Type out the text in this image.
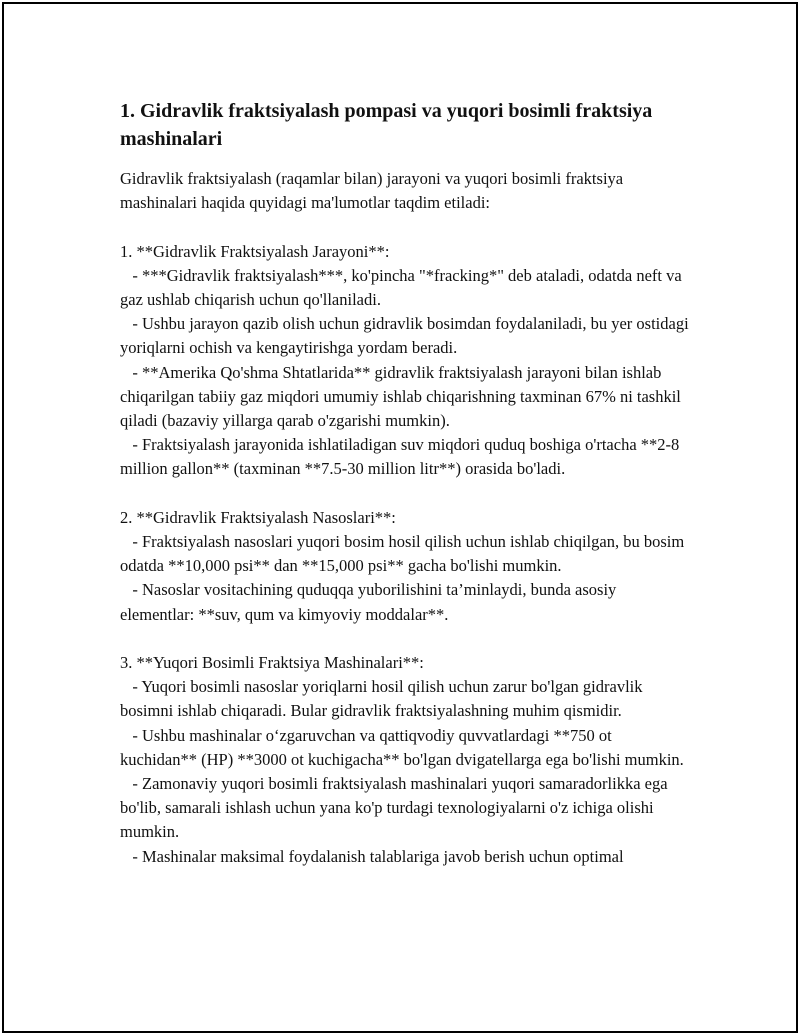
1. Gidravlik fraktsiyalash pompasi va yuqori bosimli fraktsiya mashinalari

Gidravlik fraktsiyalash (raqamlar bilan) jarayoni va yuqori bosimli fraktsiya mashinalari haqida quyidagi ma'lumotlar taqdim etiladi:

1. **Gidravlik Fraktsiyalash Jarayoni**:
- ***Gidravlik fraktsiyalash***, ko'pincha "*fracking*" deb ataladi, odatda neft va gaz ushlab chiqarish uchun qo'llaniladi.
- Ushbu jarayon qazib olish uchun gidravlik bosimdan foydalaniladi, bu yer ostidagi yoriqlarni ochish va kengaytirishga yordam beradi.
- **Amerika Qo'shma Shtatlarida** gidravlik fraktsiyalash jarayoni bilan ishlab chiqarilgan tabiiy gaz miqdori umumiy ishlab chiqarishning taxminan 67% ni tashkil qiladi (bazaviy yillarga qarab o'zgarishi mumkin).
- Fraktsiyalash jarayonida ishlatiladigan suv miqdori quduq boshiga o'rtacha **2-8 million gallon** (taxminan **7.5-30 million litr**) orasida bo'ladi.

2. **Gidravlik Fraktsiyalash Nasoslari**:
- Fraktsiyalash nasoslari yuqori bosim hosil qilish uchun ishlab chiqilgan, bu bosim odatda **10,000 psi** dan **15,000 psi** gacha bo'lishi mumkin.
- Nasoslar vositachining quduqqa yuborilishini ta’minlaydi, bunda asosiy elementlar: **suv, qum va kimyoviy moddalar**.

3. **Yuqori Bosimli Fraktsiya Mashinalari**:
- Yuqori bosimli nasoslar yoriqlarni hosil qilish uchun zarur bo'lgan gidravlik bosimni ishlab chiqaradi. Bular gidravlik fraktsiyalashning muhim qismidir.
- Ushbu mashinalar o‘zgaruvchan va qattiqvodiy quvvatlardagi **750 ot kuchidan** (HP) **3000 ot kuchigacha** bo'lgan dvigatellarga ega bo'lishi mumkin.
- Zamonaviy yuqori bosimli fraktsiyalash mashinalari yuqori samaradorlikka ega bo'lib, samarali ishlash uchun yana ko'p turdagi texnologiyalarni o'z ichiga olishi mumkin.
- Mashinalar maksimal foydalanish talablariga javob berish uchun optimal
